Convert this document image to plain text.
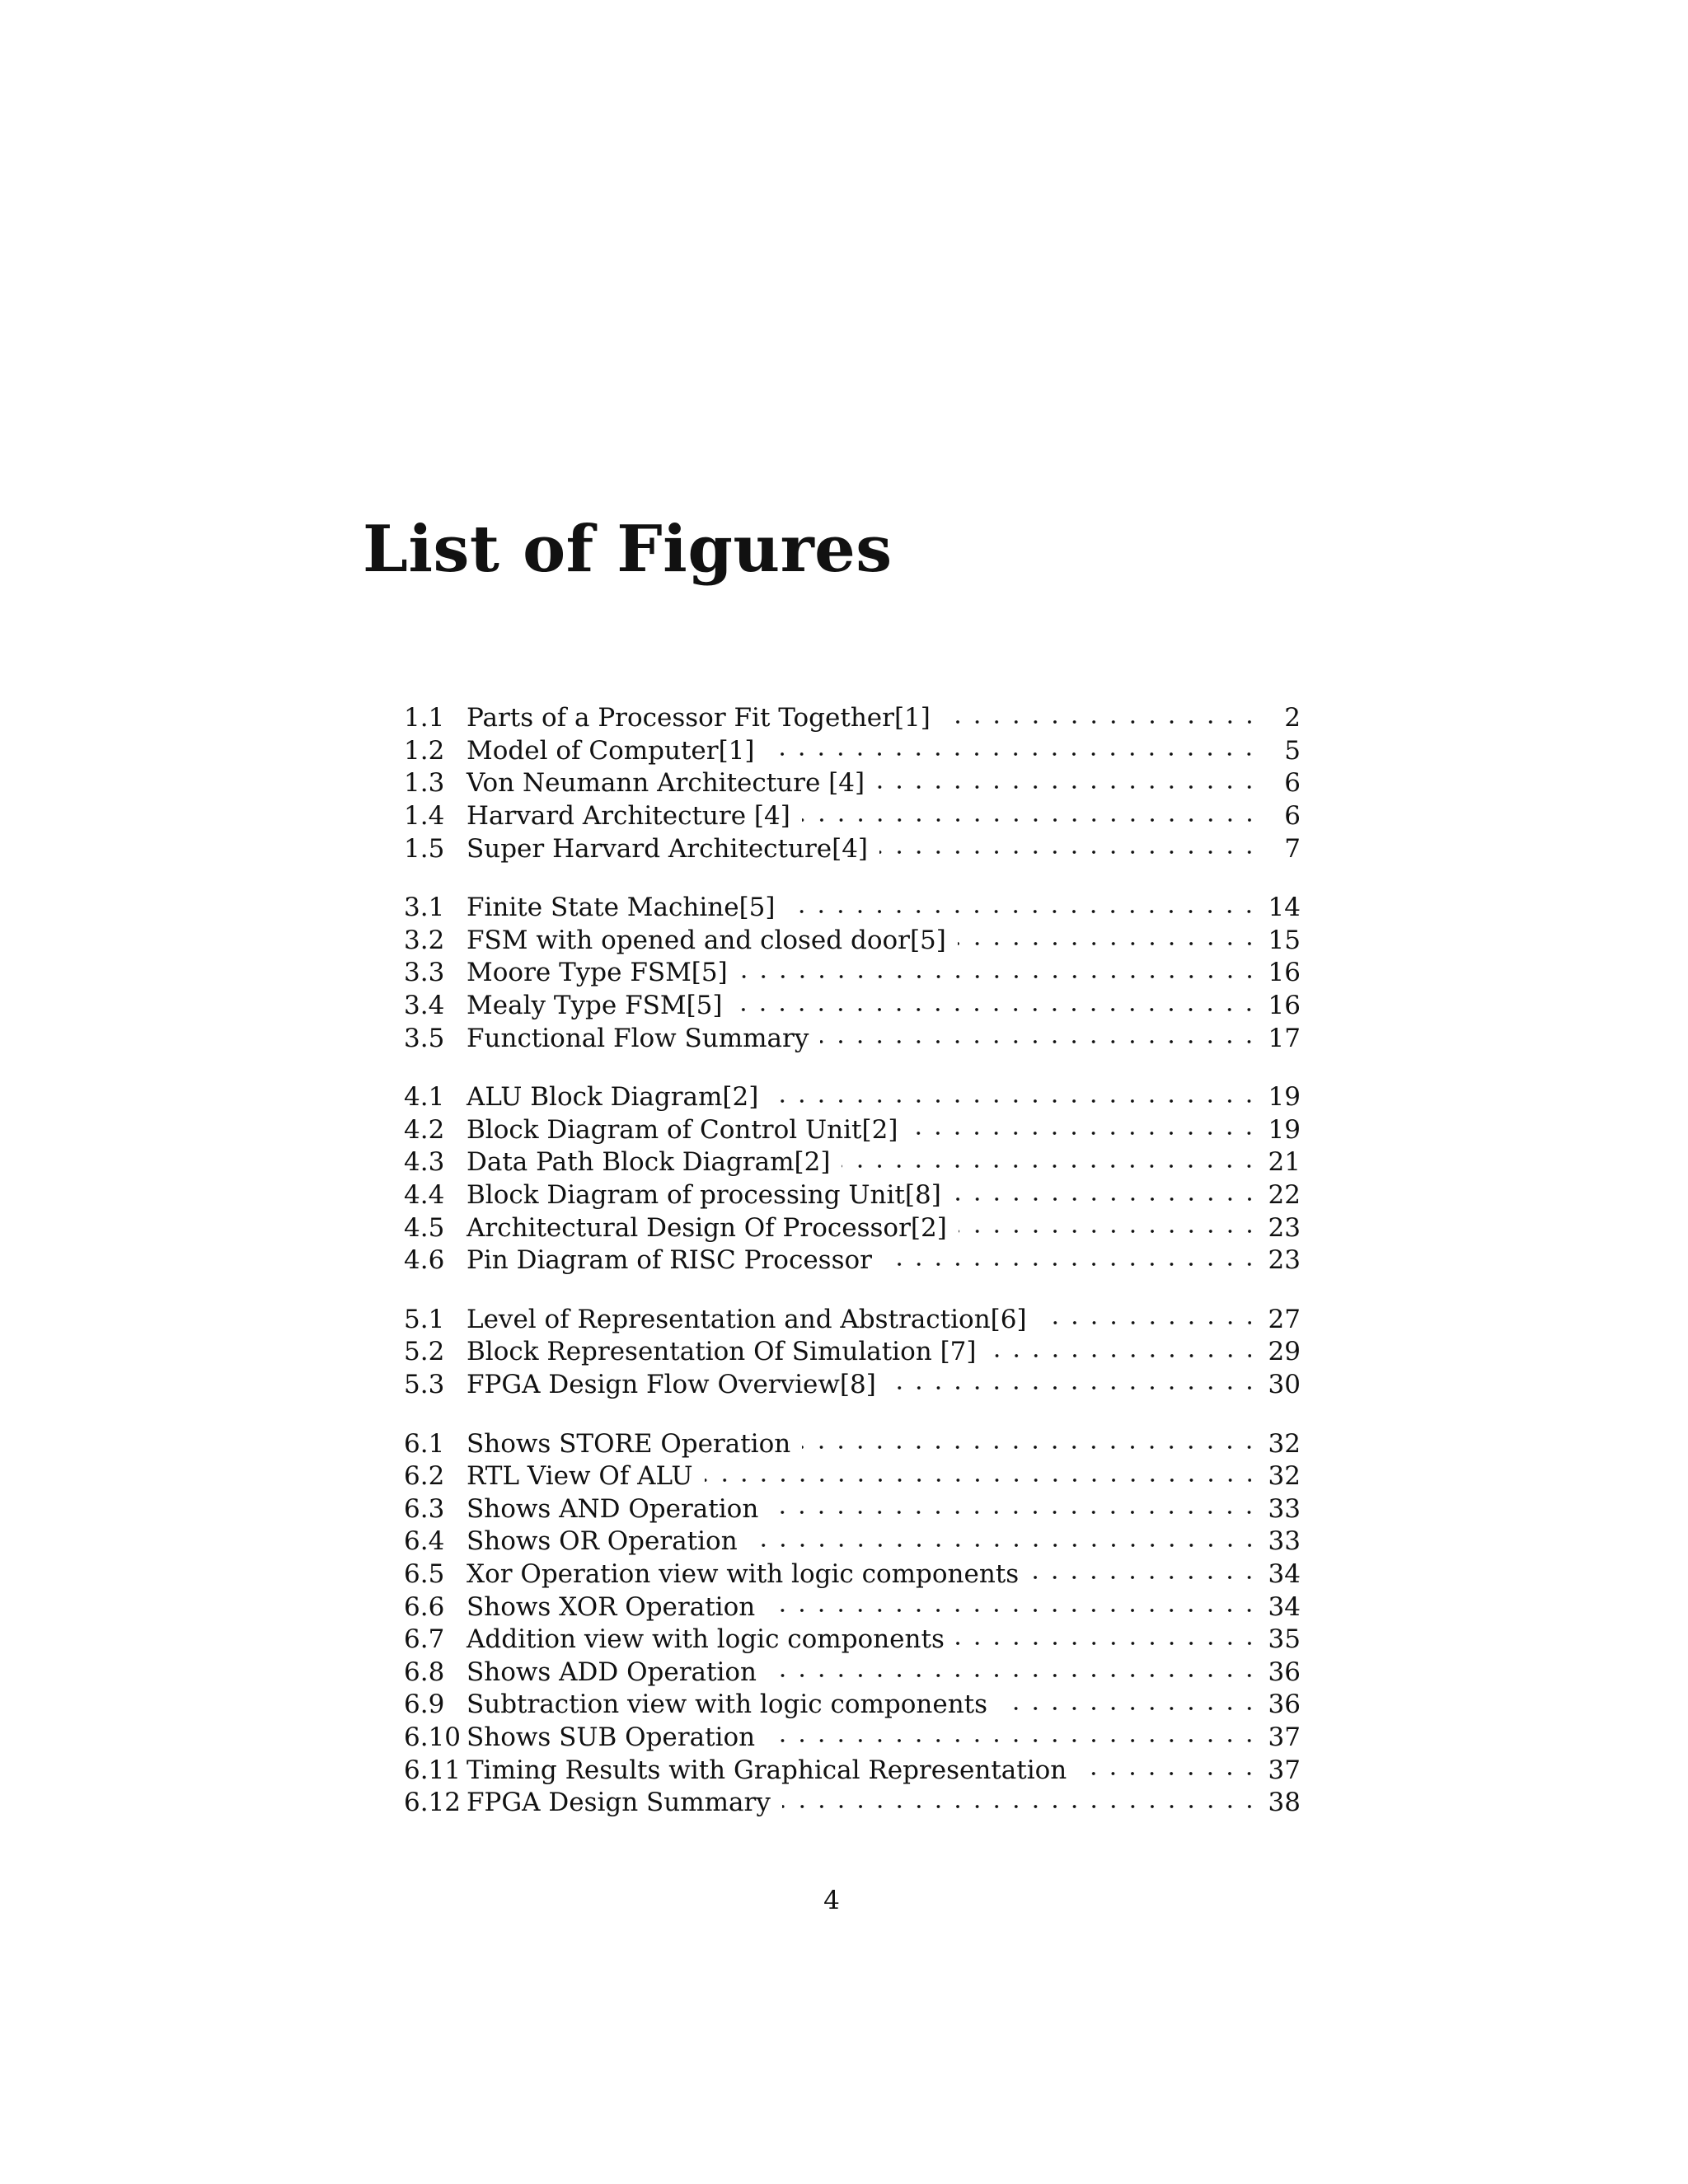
List of Figures
1.1 Parts of a Processor Fit Together[1]	2
1.2 Model of Computer[1]	5
1.3 Von Neumann Architecture [4]	6
1.4 Harvard Architecture [4]	6
1.5 Super Harvard Architecture[4]	7
3.1 Finite State Machine[5]	14
3.2 FSM with opened and closed door[5]	15
3.3 Moore Type FSM[5]	16
3.4 Mealy Type FSM[5]	16
3.5 Functional Flow Summary	17
4.1 ALU Block Diagram[2]	19
4.2 Block Diagram of Control Unit[2]	19
4.3 Data Path Block Diagram[2]	21
4.4 Block Diagram of processing Unit[8]	22
4.5 Architectural Design Of Processor[2]	23
4.6 Pin Diagram of RISC Processor	23
5.1 Level of Representation and Abstraction[6]	27
5.2 Block Representation Of Simulation [7]	29
5.3 FPGA Design Flow Overview[8]	30
6.1 Shows STORE Operation	32
6.2 RTL View Of ALU	32
6.3 Shows AND Operation	33
6.4 Shows OR Operation	33
6.5 Xor Operation view with logic components	34
6.6 Shows XOR Operation	34
6.7 Addition view with logic components	35
6.8 Shows ADD Operation	36
6.9 Subtraction view with logic components	36
6.10 Shows SUB Operation	37
6.11 Timing Results with Graphical Representation	37
6.12 FPGA Design Summary	38
4
